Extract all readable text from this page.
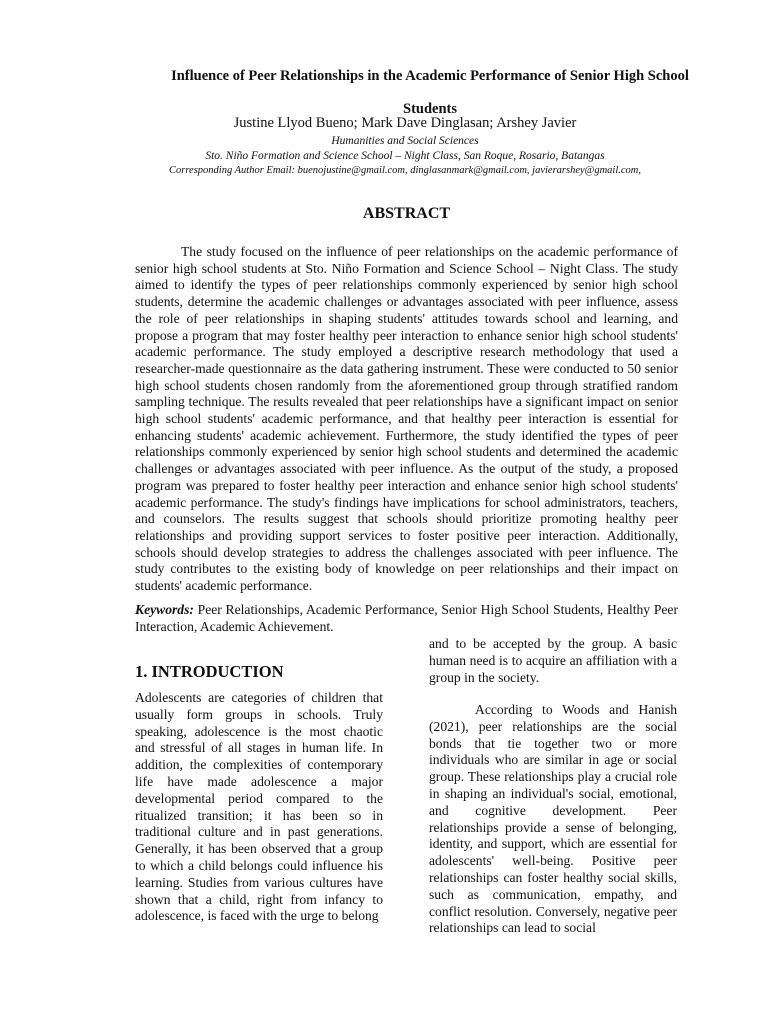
Influence of Peer Relationships in the Academic Performance of Senior High School Students
Justine Llyod Bueno; Mark Dave Dinglasan; Arshey Javier
Humanities and Social Sciences
Sto. Niño Formation and Science School – Night Class, San Roque, Rosario, Batangas
Corresponding Author Email: buenojustine@gmail.com, dinglasanmark@gmail.com, javierarshey@gmail.com,
ABSTRACT
The study focused on the influence of peer relationships on the academic performance of senior high school students at Sto. Niño Formation and Science School – Night Class. The study aimed to identify the types of peer relationships commonly experienced by senior high school students, determine the academic challenges or advantages associated with peer influence, assess the role of peer relationships in shaping students' attitudes towards school and learning, and propose a program that may foster healthy peer interaction to enhance senior high school students' academic performance. The study employed a descriptive research methodology that used a researcher-made questionnaire as the data gathering instrument. These were conducted to 50 senior high school students chosen randomly from the aforementioned group through stratified random sampling technique. The results revealed that peer relationships have a significant impact on senior high school students' academic performance, and that healthy peer interaction is essential for enhancing students' academic achievement. Furthermore, the study identified the types of peer relationships commonly experienced by senior high school students and determined the academic challenges or advantages associated with peer influence. As the output of the study, a proposed program was prepared to foster healthy peer interaction and enhance senior high school students' academic performance. The study's findings have implications for school administrators, teachers, and counselors. The results suggest that schools should prioritize promoting healthy peer relationships and providing support services to foster positive peer interaction. Additionally, schools should develop strategies to address the challenges associated with peer influence. The study contributes to the existing body of knowledge on peer relationships and their impact on students' academic performance.
Keywords: Peer Relationships, Academic Performance, Senior High School Students, Healthy Peer Interaction, Academic Achievement.
1. INTRODUCTION
Adolescents are categories of children that usually form groups in schools. Truly speaking, adolescence is the most chaotic and stressful of all stages in human life. In addition, the complexities of contemporary life have made adolescence a major developmental period compared to the ritualized transition; it has been so in traditional culture and in past generations. Generally, it has been observed that a group to which a child belongs could influence his learning. Studies from various cultures have shown that a child, right from infancy to adolescence, is faced with the urge to belong
and to be accepted by the group. A basic human need is to acquire an affiliation with a group in the society.
According to Woods and Hanish (2021), peer relationships are the social bonds that tie together two or more individuals who are similar in age or social group. These relationships play a crucial role in shaping an individual's social, emotional, and cognitive development. Peer relationships provide a sense of belonging, identity, and support, which are essential for adolescents' well-being. Positive peer relationships can foster healthy social skills, such as communication, empathy, and conflict resolution. Conversely, negative peer relationships can lead to social
